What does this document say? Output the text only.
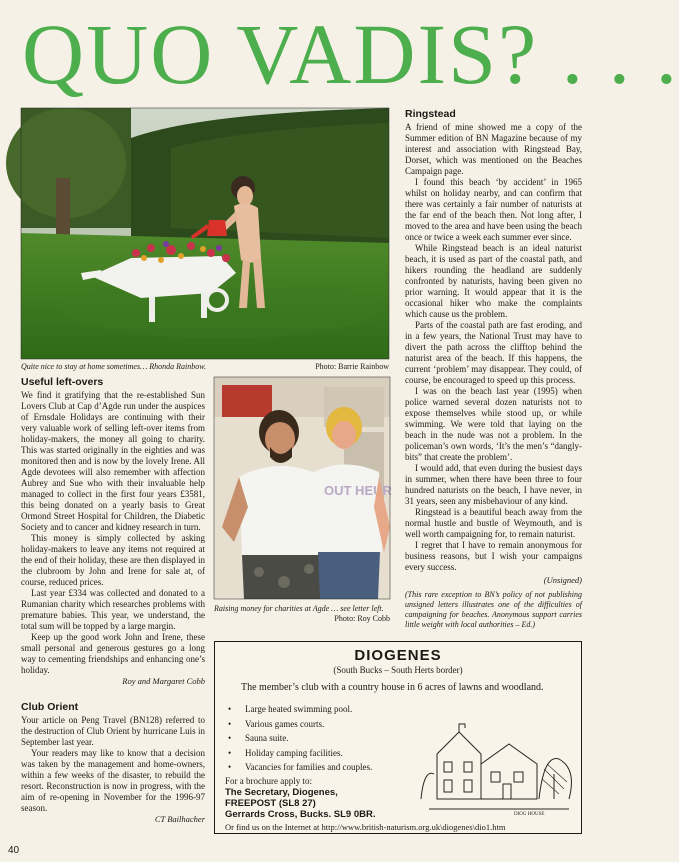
QUO VADIS? . . .
Quite nice to stay at home sometimes… Rhonda Rainbow.	Photo: Barrie Rainbow
Useful left-overs

We find it gratifying that the re-established Sun Lovers Club at Cap d’Agde run under the auspices of Ernsdale Holidays are continuing with their very valuable work of selling left-over items from holiday-makers, the money all going to charity. This was started originally in the eighties and was monitored then and is now by the lovely Irene. All Agde devotees will also remember with affection Aubrey and Sue who with their invaluable help managed to collect in the first four years £3581, this being donated on a yearly basis to Great Ormond Street Hospital for Children, the Diabetic Society and to cancer and kidney research in turn.

This money is simply collected by asking holiday-makers to leave any items not required at the end of their holiday, these are then displayed in the clubroom by John and Irene for sale at, of course, reduced prices.

Last year £334 was collected and donated to a Rumanian charity which researches problems with premature babies. This year, we understand, the total sum will be topped by a large margin.

Keep up the good work John and Irene, these small personal and generous gestures go a long way to cementing friendships and enhancing one’s holiday.

Roy and Margaret Cobb
Club Orient

Your article on Peng Travel (BN128) referred to the destruction of Club Orient by hurricane Luis in September last year.

Your readers may like to know that a decision was taken by the management and home-owners, within a few weeks of the disaster, to rebuild the resort. Reconstruction is now in progress, with the aim of re-opening in November for the 1996-97 season.

CT Bailhacher
OUT HEUR
Raising money for charities at Agde … see letter left.
Photo: Roy Cobb
Ringstead

A friend of mine showed me a copy of the Summer edition of BN Magazine because of my interest and association with Ringstead Bay, Dorset, which was mentioned on the Beaches Campaign page.

I found this beach ‘by accident’ in 1965 whilst on holiday nearby, and can confirm that there was certainly a fair number of naturists at the far end of the beach then. Not long after, I moved to the area and have been using the beach once or twice a week each summer ever since.

While Ringstead beach is an ideal naturist beach, it is used as part of the coastal path, and hikers rounding the headland are suddenly confronted by naturists, having been given no prior warning. It would appear that it is the occasional hiker who make the complaints which cause us the problem.

Parts of the coastal path are fast eroding, and in a few years, the National Trust may have to divert the path across the clifftop behind the naturist area of the beach. If this happens, the current ‘problem’ may disappear. They could, of course, be encouraged to speed up this process.

I was on the beach last year (1995) when police warned several dozen naturists not to expose themselves while stood up, or while swimming. We were told that laying on the beach in the nude was not a problem. In the policeman’s own words, ‘It’s the men’s “dangly-bits” that create the problem’.

I would add, that even during the busiest days in summer, when there have been three to four hundred naturists on the beach, I have never, in 31 years, seen any misbehaviour of any kind.

Ringstead is a beautiful beach away from the normal hustle and bustle of Weymouth, and is well worth campaigning for, to remain naturist.

I regret that I have to remain anonymous for business reasons, but I wish your campaigns every success.

(Unsigned)
(This rare exception to BN’s policy of not publishing unsigned letters illustrates one of the difficulties of campaigning for beaches. Anonymous support carries little weight with local authorities – Ed.)
DIOGENES
(South Bucks – South Herts border)
The member’s club with a country house in 6 acres of lawns and woodland.
• Large heated swimming pool.
• Various games courts.
• Sauna suite.
• Holiday camping facilities.
• Vacancies for families and couples.
For a brochure apply to:
The Secretary, Diogenes,
FREEPOST (SL8 27)
Gerrards Cross, Bucks. SL9 0BR.
Or find us on the Internet at http://www.british-naturism.org.uk\diogenes\dio1.htm
DIOG HOUSE
40
